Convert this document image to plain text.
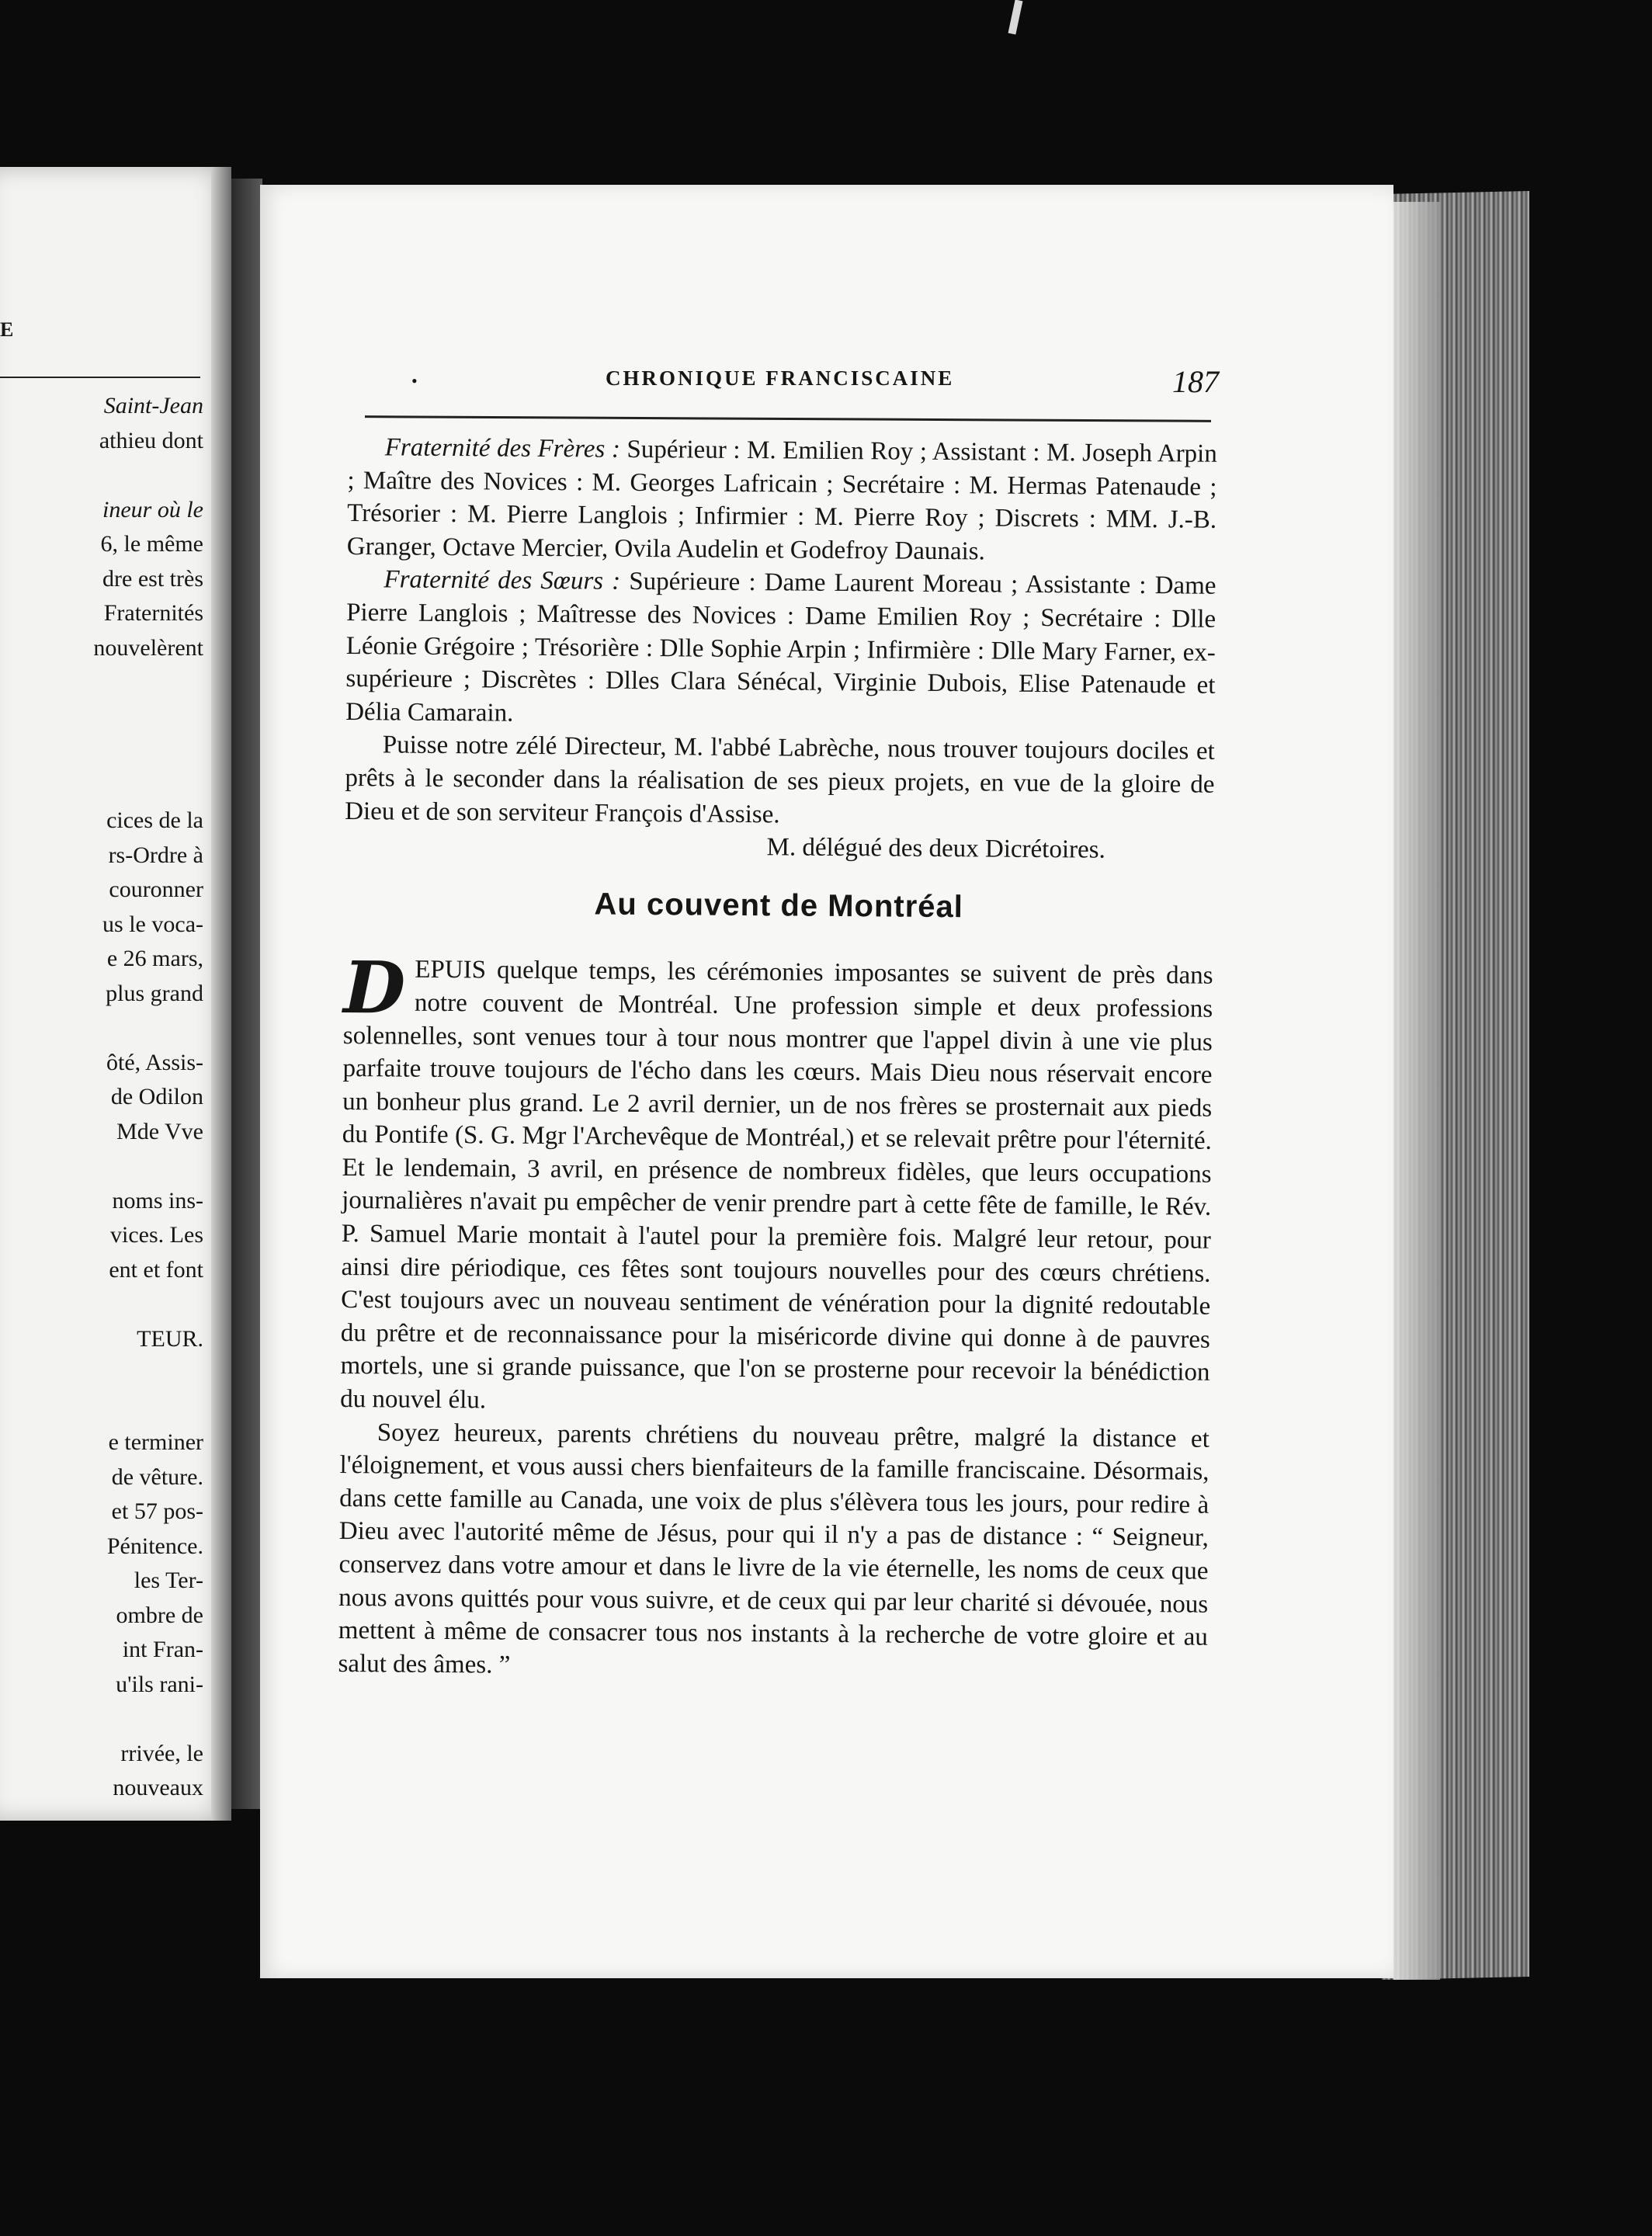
E
Saint-Jean
athieu dont
ineur où le
6, le même
dre est très
Fraternités
nouvelèrent
cices de la
rs-Ordre à
couronner
us le voca-
e 26 mars,
plus grand
ôté, Assis-
de Odilon
Mde Vve
noms ins-
vices. Les
ent et font
TEUR.
e terminer
de vêture.
et 57 pos-
Pénitence.
les Ter-
ombre de
int Fran-
u'ils rani-
rrivée, le
nouveaux
•	CHRONIQUE FRANCISCAINE	187

Fraternité des Frères : Supérieur : M. Emilien Roy ; Assistant : M. Joseph Arpin ; Maître des Novices : M. Georges Lafricain ; Secrétaire : M. Hermas Patenaude ; Trésorier : M. Pierre Langlois ; Infirmier : M. Pierre Roy ; Discrets : MM. J.-B. Granger, Octave Mercier, Ovila Audelin et Godefroy Daunais.

Fraternité des Sœurs : Supérieure : Dame Laurent Moreau ; Assistante : Dame Pierre Langlois ; Maîtresse des Novices : Dame Emilien Roy ; Secrétaire : Dlle Léonie Grégoire ; Trésorière : Dlle Sophie Arpin ; Infirmière : Dlle Mary Farner, ex-supérieure ; Discrètes : Dlles Clara Sénécal, Virginie Dubois, Elise Patenaude et Délia Camarain.

Puisse notre zélé Directeur, M. l'abbé Labrèche, nous trouver toujours dociles et prêts à le seconder dans la réalisation de ses pieux projets, en vue de la gloire de Dieu et de son serviteur François d'Assise.

M. délégué des deux Dicrétoires.

Au couvent de Montréal

DEPUIS quelque temps, les cérémonies imposantes se suivent de près dans notre couvent de Montréal. Une profession simple et deux professions solennelles, sont venues tour à tour nous montrer que l'appel divin à une vie plus parfaite trouve toujours de l'écho dans les cœurs. Mais Dieu nous réservait encore un bonheur plus grand. Le 2 avril dernier, un de nos frères se prosternait aux pieds du Pontife (S. G. Mgr l'Archevêque de Montréal,) et se relevait prêtre pour l'éternité. Et le lendemain, 3 avril, en présence de nombreux fidèles, que leurs occupations journalières n'avait pu empêcher de venir prendre part à cette fête de famille, le Rév. P. Samuel Marie montait à l'autel pour la première fois. Malgré leur retour, pour ainsi dire périodique, ces fêtes sont toujours nouvelles pour des cœurs chrétiens. C'est toujours avec un nouveau sentiment de vénération pour la dignité redoutable du prêtre et de reconnaissance pour la miséricorde divine qui donne à de pauvres mortels, une si grande puissance, que l'on se prosterne pour recevoir la bénédiction du nouvel élu.

Soyez heureux, parents chrétiens du nouveau prêtre, malgré la distance et l'éloignement, et vous aussi chers bienfaiteurs de la famille franciscaine. Désormais, dans cette famille au Canada, une voix de plus s'élèvera tous les jours, pour redire à Dieu avec l'autorité même de Jésus, pour qui il n'y a pas de distance : “ Seigneur, conservez dans votre amour et dans le livre de la vie éternelle, les noms de ceux que nous avons quittés pour vous suivre, et de ceux qui par leur charité si dévouée, nous mettent à même de consacrer tous nos instants à la recherche de votre gloire et au salut des âmes. ”
